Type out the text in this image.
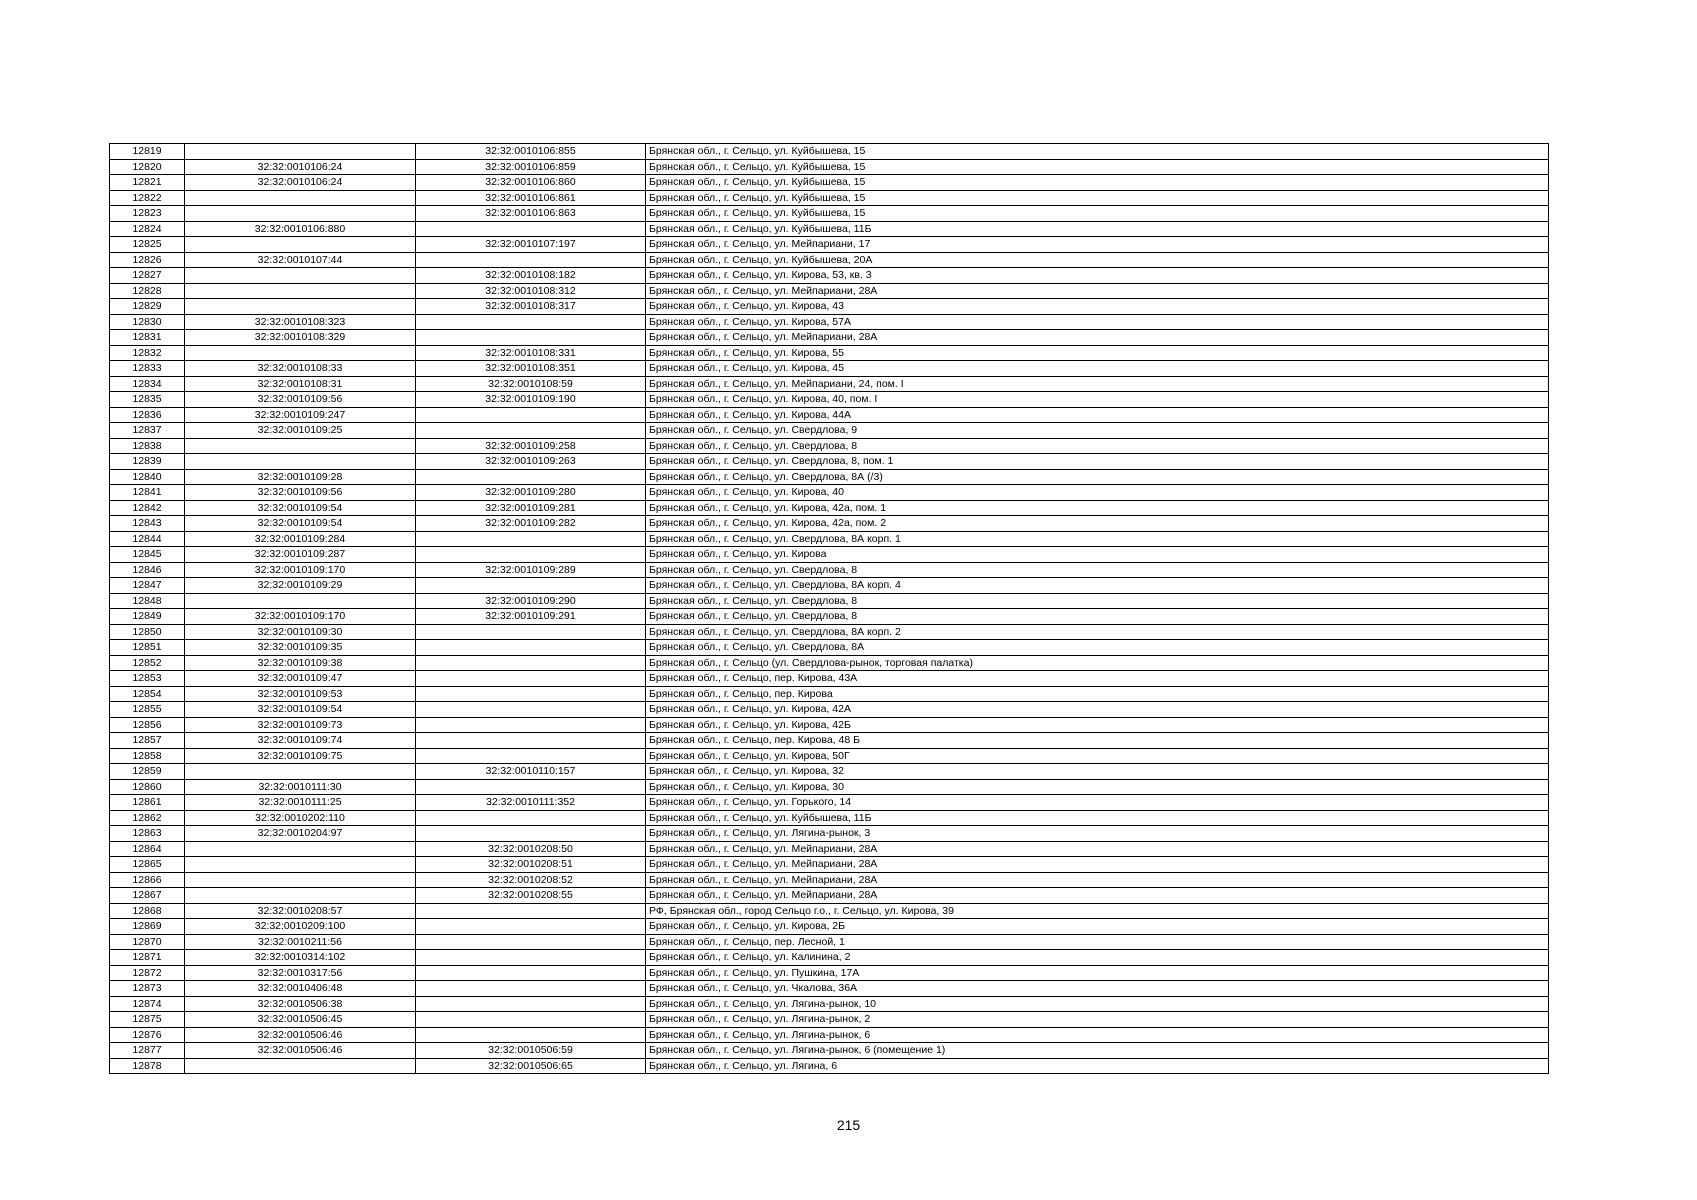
12819		32:32:0010106:855	Брянская обл., г. Сельцо, ул. Куйбышева, 15
12820	32:32:0010106:24	32:32:0010106:859	Брянская обл., г. Сельцо, ул. Куйбышева, 15
12821	32:32:0010106:24	32:32:0010106:860	Брянская обл., г. Сельцо, ул. Куйбышева, 15
12822		32:32:0010106:861	Брянская обл., г. Сельцо, ул. Куйбышева, 15
12823		32:32:0010106:863	Брянская обл., г. Сельцо, ул. Куйбышева, 15
12824	32:32:0010106:880		Брянская обл., г. Сельцо, ул. Куйбышева, 11Б
12825		32:32:0010107:197	Брянская обл., г. Сельцо, ул. Мейпариани, 17
12826	32:32:0010107:44		Брянская обл., г. Сельцо, ул. Куйбышева, 20А
12827		32:32:0010108:182	Брянская обл., г. Сельцо, ул. Кирова, 53, кв. 3
12828		32:32:0010108:312	Брянская обл., г. Сельцо, ул. Мейпариани, 28А
12829		32:32:0010108:317	Брянская обл., г. Сельцо, ул. Кирова, 43
12830	32:32:0010108:323		Брянская обл., г. Сельцо, ул. Кирова, 57А
12831	32:32:0010108:329		Брянская обл., г. Сельцо, ул. Мейпариани, 28А
12832		32:32:0010108:331	Брянская обл., г. Сельцо, ул. Кирова, 55
12833	32:32:0010108:33	32:32:0010108:351	Брянская обл., г. Сельцо, ул. Кирова, 45
12834	32:32:0010108:31	32:32:0010108:59	Брянская обл., г. Сельцо, ул. Мейпариани, 24, пом. I
12835	32:32:0010109:56	32:32:0010109:190	Брянская обл., г. Сельцо, ул. Кирова, 40, пом. I
12836	32:32:0010109:247		Брянская обл., г. Сельцо, ул. Кирова, 44А
12837	32:32:0010109:25		Брянская обл., г. Сельцо, ул. Свердлова, 9
12838		32:32:0010109:258	Брянская обл., г. Сельцо, ул. Свердлова, 8
12839		32:32:0010109:263	Брянская обл., г. Сельцо, ул. Свердлова, 8, пом. 1
12840	32:32:0010109:28		Брянская обл., г. Сельцо, ул. Свердлова, 8А (/3)
12841	32:32:0010109:56	32:32:0010109:280	Брянская обл., г. Сельцо, ул. Кирова, 40
12842	32:32:0010109:54	32:32:0010109:281	Брянская обл., г. Сельцо, ул. Кирова, 42а, пом. 1
12843	32:32:0010109:54	32:32:0010109:282	Брянская обл., г. Сельцо, ул. Кирова, 42а, пом. 2
12844	32:32:0010109:284		Брянская обл., г. Сельцо, ул. Свердлова, 8А корп. 1
12845	32:32:0010109:287		Брянская обл., г. Сельцо, ул. Кирова
12846	32:32:0010109:170	32:32:0010109:289	Брянская обл., г. Сельцо, ул. Свердлова, 8
12847	32:32:0010109:29		Брянская обл., г. Сельцо, ул. Свердлова, 8А корп. 4
12848		32:32:0010109:290	Брянская обл., г. Сельцо, ул. Свердлова, 8
12849	32:32:0010109:170	32:32:0010109:291	Брянская обл., г. Сельцо, ул. Свердлова, 8
12850	32:32:0010109:30		Брянская обл., г. Сельцо, ул. Свердлова, 8А корп. 2
12851	32:32:0010109:35		Брянская обл., г. Сельцо, ул. Свердлова, 8А
12852	32:32:0010109:38		Брянская обл., г. Сельцо (ул. Свердлова-рынок, торговая палатка)
12853	32:32:0010109:47		Брянская обл., г. Сельцо, пер. Кирова, 43А
12854	32:32:0010109:53		Брянская обл., г. Сельцо, пер. Кирова
12855	32:32:0010109:54		Брянская обл., г. Сельцо, ул. Кирова, 42А
12856	32:32:0010109:73		Брянская обл., г. Сельцо, ул. Кирова, 42Б
12857	32:32:0010109:74		Брянская обл., г. Сельцо, пер. Кирова, 48 Б
12858	32:32:0010109:75		Брянская обл., г. Сельцо, ул. Кирова, 50Г
12859		32:32:0010110:157	Брянская обл., г. Сельцо, ул. Кирова, 32
12860	32:32:0010111:30		Брянская обл., г. Сельцо, ул. Кирова, 30
12861	32:32:0010111:25	32:32:0010111:352	Брянская обл., г. Сельцо, ул. Горького, 14
12862	32:32:0010202:110		Брянская обл., г. Сельцо, ул. Куйбышева, 11Б
12863	32:32:0010204:97		Брянская обл., г. Сельцо, ул. Лягина-рынок, 3
12864		32:32:0010208:50	Брянская обл., г. Сельцо, ул. Мейпариани, 28А
12865		32:32:0010208:51	Брянская обл., г. Сельцо, ул. Мейпариани, 28А
12866		32:32:0010208:52	Брянская обл., г. Сельцо, ул. Мейпариани, 28А
12867		32:32:0010208:55	Брянская обл., г. Сельцо, ул. Мейпариани, 28А
12868	32:32:0010208:57		РФ, Брянская обл., город Сельцо г.о., г. Сельцо, ул. Кирова, 39
12869	32:32:0010209:100		Брянская обл., г. Сельцо, ул. Кирова, 2Б
12870	32:32:0010211:56		Брянская обл., г. Сельцо, пер. Лесной, 1
12871	32:32:0010314:102		Брянская обл., г. Сельцо, ул. Калинина, 2
12872	32:32:0010317:56		Брянская обл., г. Сельцо, ул. Пушкина, 17А
12873	32:32:0010406:48		Брянская обл., г. Сельцо, ул. Чкалова, 36А
12874	32:32:0010506:38		Брянская обл., г. Сельцо, ул. Лягина-рынок, 10
12875	32:32:0010506:45		Брянская обл., г. Сельцо, ул. Лягина-рынок, 2
12876	32:32:0010506:46		Брянская обл., г. Сельцо, ул. Лягина-рынок, 6
12877	32:32:0010506:46	32:32:0010506:59	Брянская обл., г. Сельцо, ул. Лягина-рынок, 6 (помещение 1)
12878		32:32:0010506:65	Брянская обл., г. Сельцо, ул. Лягина, 6
215
